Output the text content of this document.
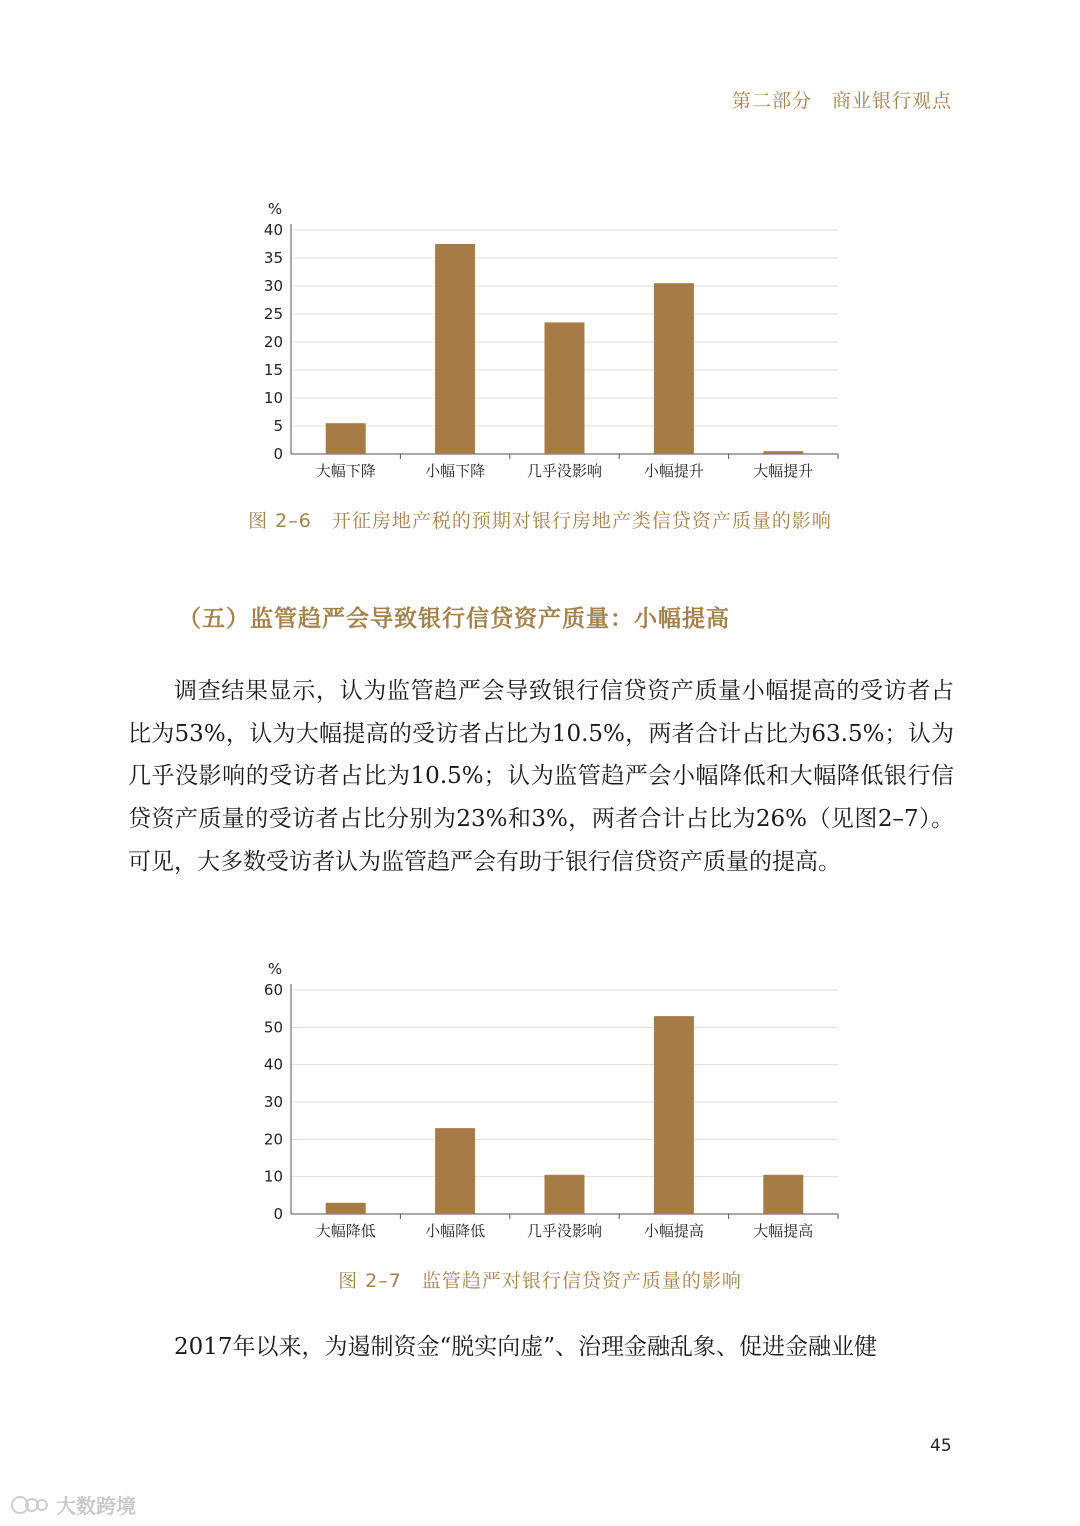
第二部分　商业银行观点
%
0
5
10
15
20
25
30
35
40
大幅下降	小幅下降	几乎没影响	小幅提升	大幅提升
图 2–6　开征房地产税的预期对银行房地产类信贷资产质量的影响
（五）监管趋严会导致银行信贷资产质量：小幅提高

调查结果显示，认为监管趋严会导致银行信贷资产质量小幅提高的受访者占比为53%，认为大幅提高的受访者占比为10.5%，两者合计占比为63.5%；认为几乎没影响的受访者占比为10.5%；认为监管趋严会小幅降低和大幅降低银行信贷资产质量的受访者占比分别为23%和3%，两者合计占比为26%（见图2–7）。可见，大多数受访者认为监管趋严会有助于银行信贷资产质量的提高。

%
0
10
20
30
40
50
60
大幅降低	小幅降低	几乎没影响	小幅提高	大幅提高
图 2–7　监管趋严对银行信贷资产质量的影响

2017年以来，为遏制资金“脱实向虚”、治理金融乱象、促进金融业健

45
大数跨境
